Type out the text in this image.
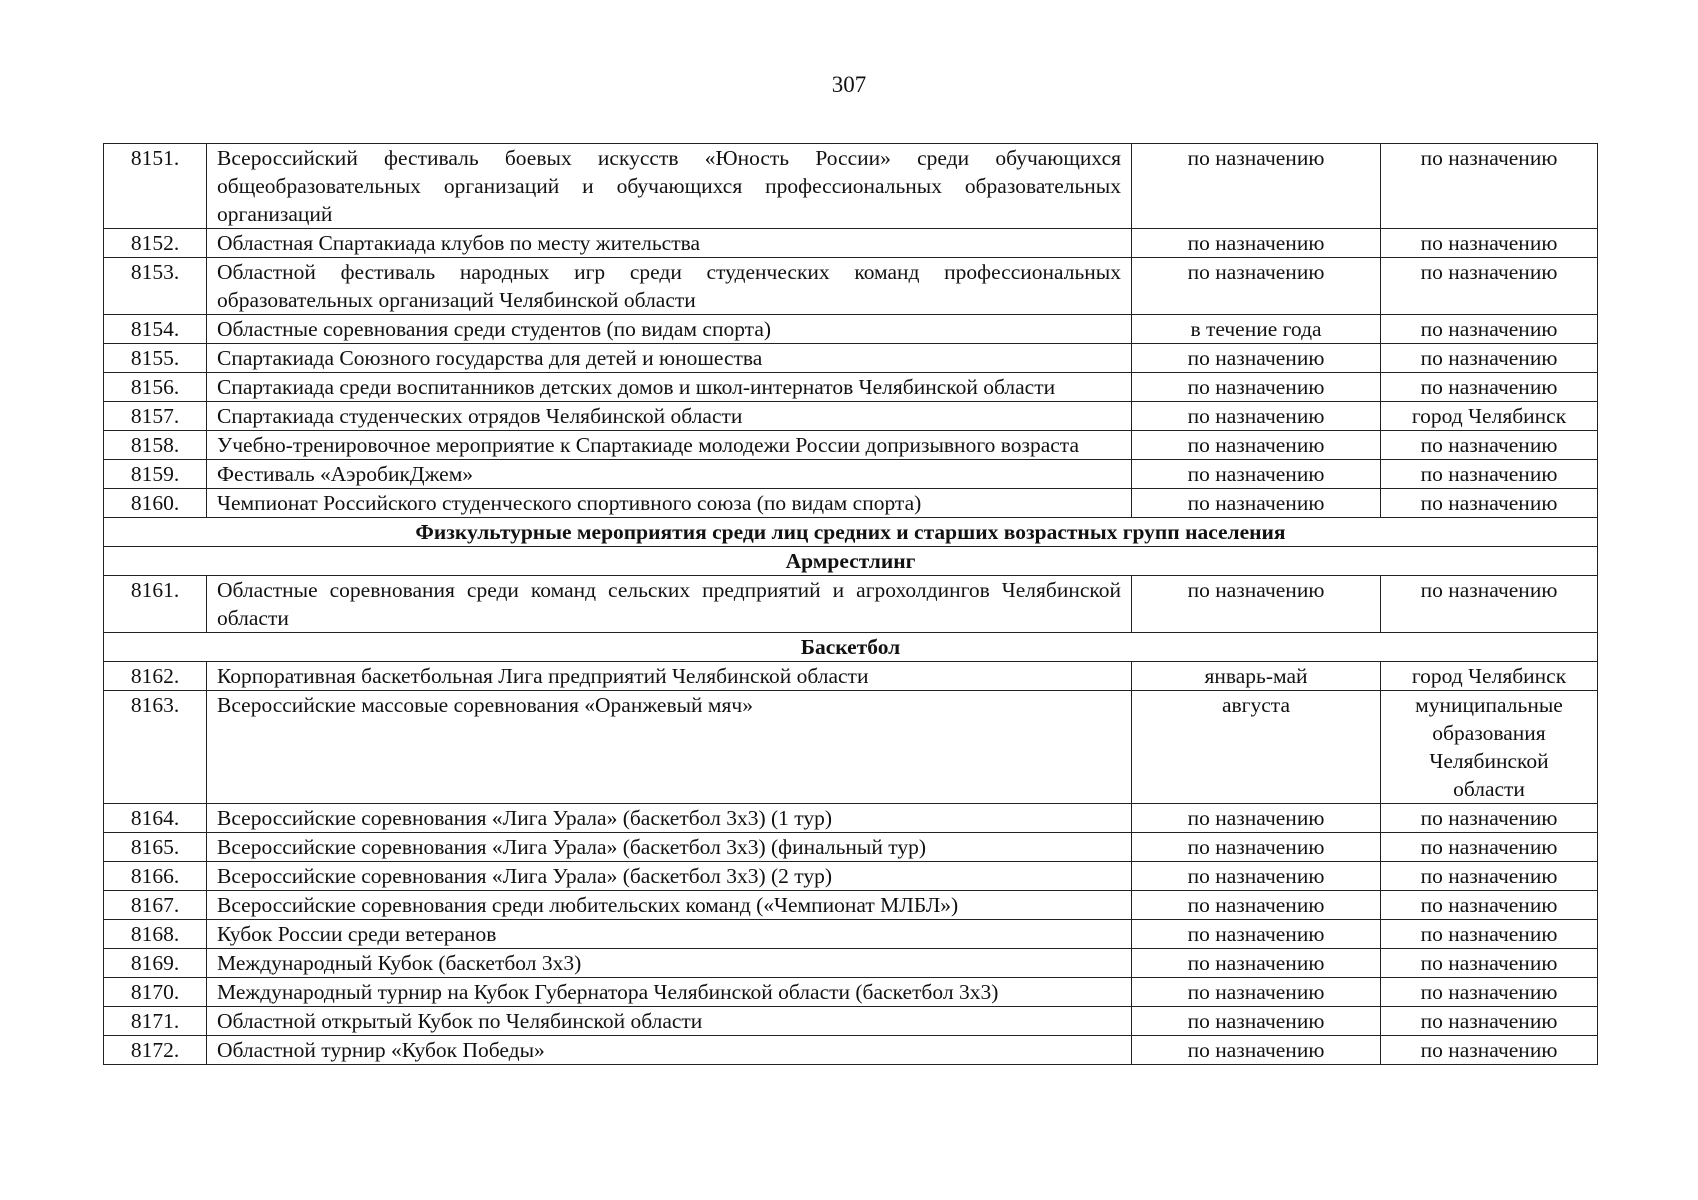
307
8151.	Всероссийский фестиваль боевых искусств «Юность России» среди обучающихся общеобразовательных организаций и обучающихся профессиональных образовательных организаций	по назначению	по назначению
8152.	Областная Спартакиада клубов по месту жительства	по назначению	по назначению
8153.	Областной фестиваль народных игр среди студенческих команд профессиональных образовательных организаций Челябинской области	по назначению	по назначению
8154.	Областные соревнования среди студентов (по видам спорта)	в течение года	по назначению
8155.	Спартакиада Союзного государства для детей и юношества	по назначению	по назначению
8156.	Спартакиада среди воспитанников детских домов и школ-интернатов Челябинской области	по назначению	по назначению
8157.	Спартакиада студенческих отрядов Челябинской области	по назначению	город Челябинск
8158.	Учебно-тренировочное мероприятие к Спартакиаде молодежи России допризывного возраста	по назначению	по назначению
8159.	Фестиваль «АэробикДжем»	по назначению	по назначению
8160.	Чемпионат Российского студенческого спортивного союза (по видам спорта)	по назначению	по назначению
Физкультурные мероприятия среди лиц средних и старших возрастных групп населения			
Армрестлинг			
8161.	Областные соревнования среди команд сельских предприятий и агрохолдингов Челябинской области	по назначению	по назначению
Баскетбол			
8162.	Корпоративная баскетбольная Лига предприятий Челябинской области	январь-май	город Челябинск
8163.	Всероссийские массовые соревнования «Оранжевый мяч»	августа	муниципальные образования Челябинской области
8164.	Всероссийские соревнования «Лига Урала» (баскетбол 3х3) (1 тур)	по назначению	по назначению
8165.	Всероссийские соревнования «Лига Урала» (баскетбол 3х3) (финальный тур)	по назначению	по назначению
8166.	Всероссийские соревнования «Лига Урала» (баскетбол 3х3) (2 тур)	по назначению	по назначению
8167.	Всероссийские соревнования среди любительских команд («Чемпионат МЛБЛ»)	по назначению	по назначению
8168.	Кубок России среди ветеранов	по назначению	по назначению
8169.	Международный Кубок (баскетбол 3х3)	по назначению	по назначению
8170.	Международный турнир на Кубок Губернатора Челябинской области (баскетбол 3х3)	по назначению	по назначению
8171.	Областной открытый Кубок по Челябинской области	по назначению	по назначению
8172.	Областной турнир «Кубок Победы»	по назначению	по назначению
